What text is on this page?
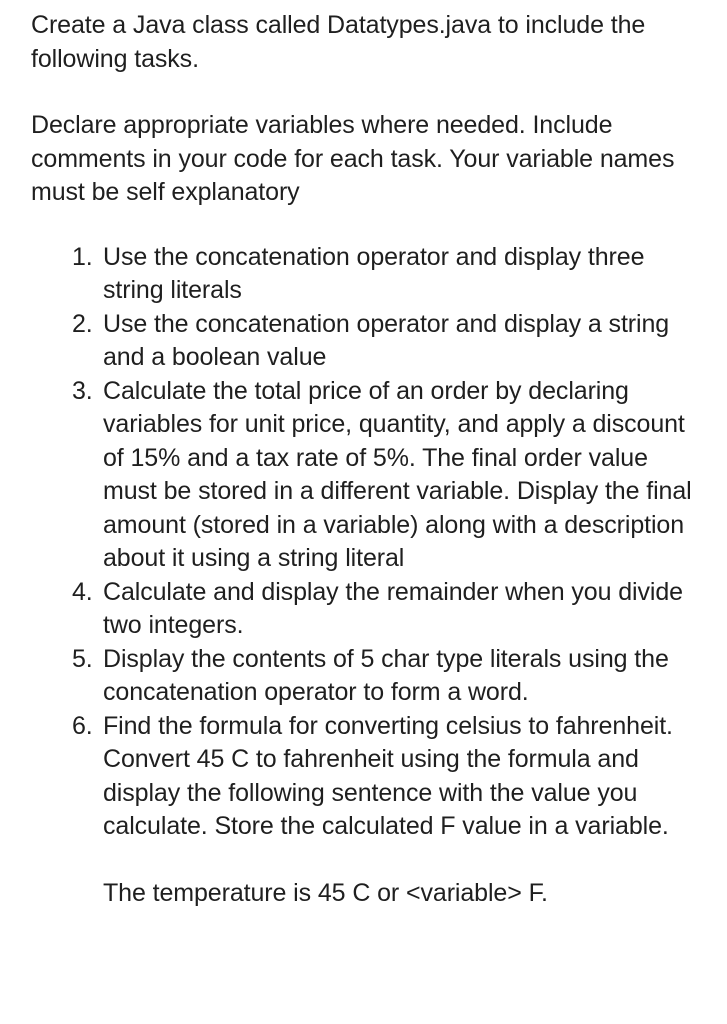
Create a Java class called Datatypes.java to include the following tasks.

Declare appropriate variables where needed. Include comments in your code for each task. Your variable names must be self explanatory

1. Use the concatenation operator and display three string literals
2. Use the concatenation operator and display a string and a boolean value
3. Calculate the total price of an order by declaring variables for unit price, quantity, and apply a discount of 15% and a tax rate of 5%. The final order value must be stored in a different variable. Display the final amount (stored in a variable) along with a description about it using a string literal
4. Calculate and display the remainder when you divide two integers.
5. Display the contents of 5 char type literals using the concatenation operator to form a word.
6. Find the formula for converting celsius to fahrenheit. Convert 45 C to fahrenheit using the formula and display the following sentence with the value you calculate. Store the calculated F value in a variable.

The temperature is 45 C or <variable> F.
